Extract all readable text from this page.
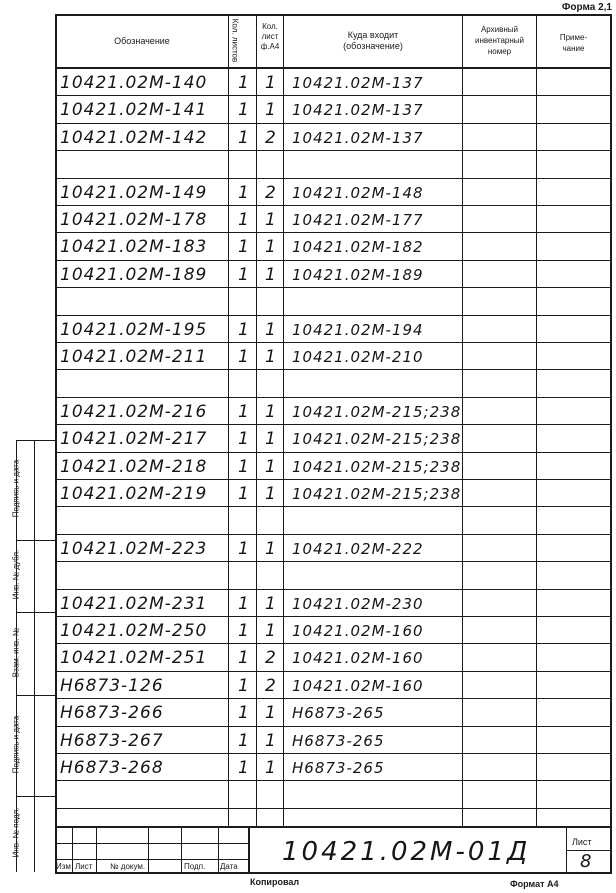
Форма 2,1
Обозначение
Кол. листов
Кол.
лист
ф.А4
Куда входит
(обозначение)
Архивный
инвентарный
номер
Приме-
чание
10421.02M-140 1 1 10421.02M-137
10421.02M-141 1 1 10421.02M-137
10421.02M-142 1 2 10421.02M-137
10421.02M-149 1 2 10421.02M-148
10421.02M-178 1 1 10421.02M-177
10421.02M-183 1 1 10421.02M-182
10421.02M-189 1 1 10421.02M-189
10421.02M-195 1 1 10421.02M-194
10421.02M-211 1 1 10421.02M-210
10421.02M-216 1 1 10421.02M-215;238
10421.02M-217 1 1 10421.02M-215;238
10421.02M-218 1 1 10421.02M-215;238
10421.02M-219 1 1 10421.02M-215;238
10421.02M-223 1 1 10421.02M-222
10421.02M-231 1 1 10421.02M-230
10421.02M-250 1 1 10421.02M-160
10421.02M-251 1 2 10421.02M-160
H6873-126	1 2 10421.02M-160
H6873-266	1 1 H6873-265
H6873-267	1 1 H6873-265
H6873-268	1 1 H6873-265
Подпись и дата
Инв. № дубл.
Взам. инв. №
Подпись и дата
Инв. № подл.
Изм Лист № докум.	Подп. Дата 10421.02M-01Д	Лист
8
Копировал	Формат А4
